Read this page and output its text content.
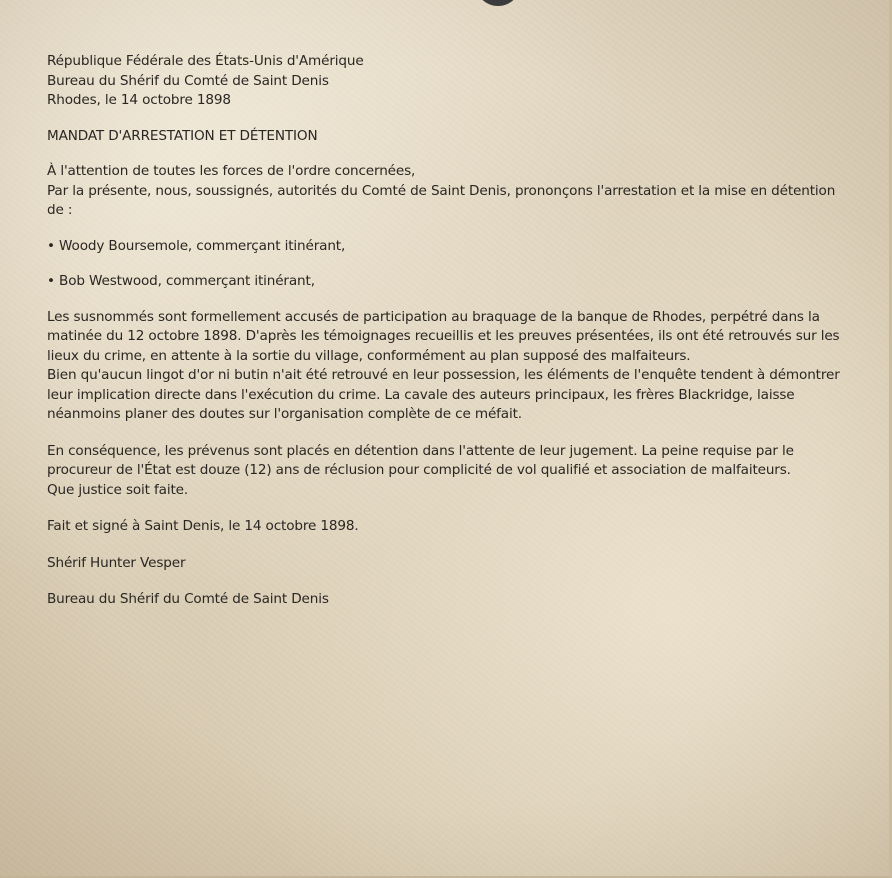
République Fédérale des États-Unis d'Amérique

Bureau du Shérif du Comté de Saint Denis

Rhodes, le 14 octobre 1898

MANDAT D'ARRESTATION ET DÉTENTION

À l'attention de toutes les forces de l'ordre concernées,

Par la présente, nous, soussignés, autorités du Comté de Saint Denis, prononçons l'arrestation et la mise en détention de :

• Woody Boursemole, commerçant itinérant,

• Bob Westwood, commerçant itinérant,

Les susnommés sont formellement accusés de participation au braquage de la banque de Rhodes, perpétré dans la matinée du 12 octobre 1898. D'après les témoignages recueillis et les preuves présentées, ils ont été retrouvés sur les lieux du crime, en attente à la sortie du village, conformément au plan supposé des malfaiteurs.

Bien qu'aucun lingot d'or ni butin n'ait été retrouvé en leur possession, les éléments de l'enquête tendent à démontrer leur implication directe dans l'exécution du crime. La cavale des auteurs principaux, les frères Blackridge, laisse néanmoins planer des doutes sur l'organisation complète de ce méfait.

En conséquence, les prévenus sont placés en détention dans l'attente de leur jugement. La peine requise par le procureur de l'État est douze (12) ans de réclusion pour complicité de vol qualifié et association de malfaiteurs.

Que justice soit faite.

Fait et signé à Saint Denis, le 14 octobre 1898.

Shérif Hunter Vesper

Bureau du Shérif du Comté de Saint Denis
